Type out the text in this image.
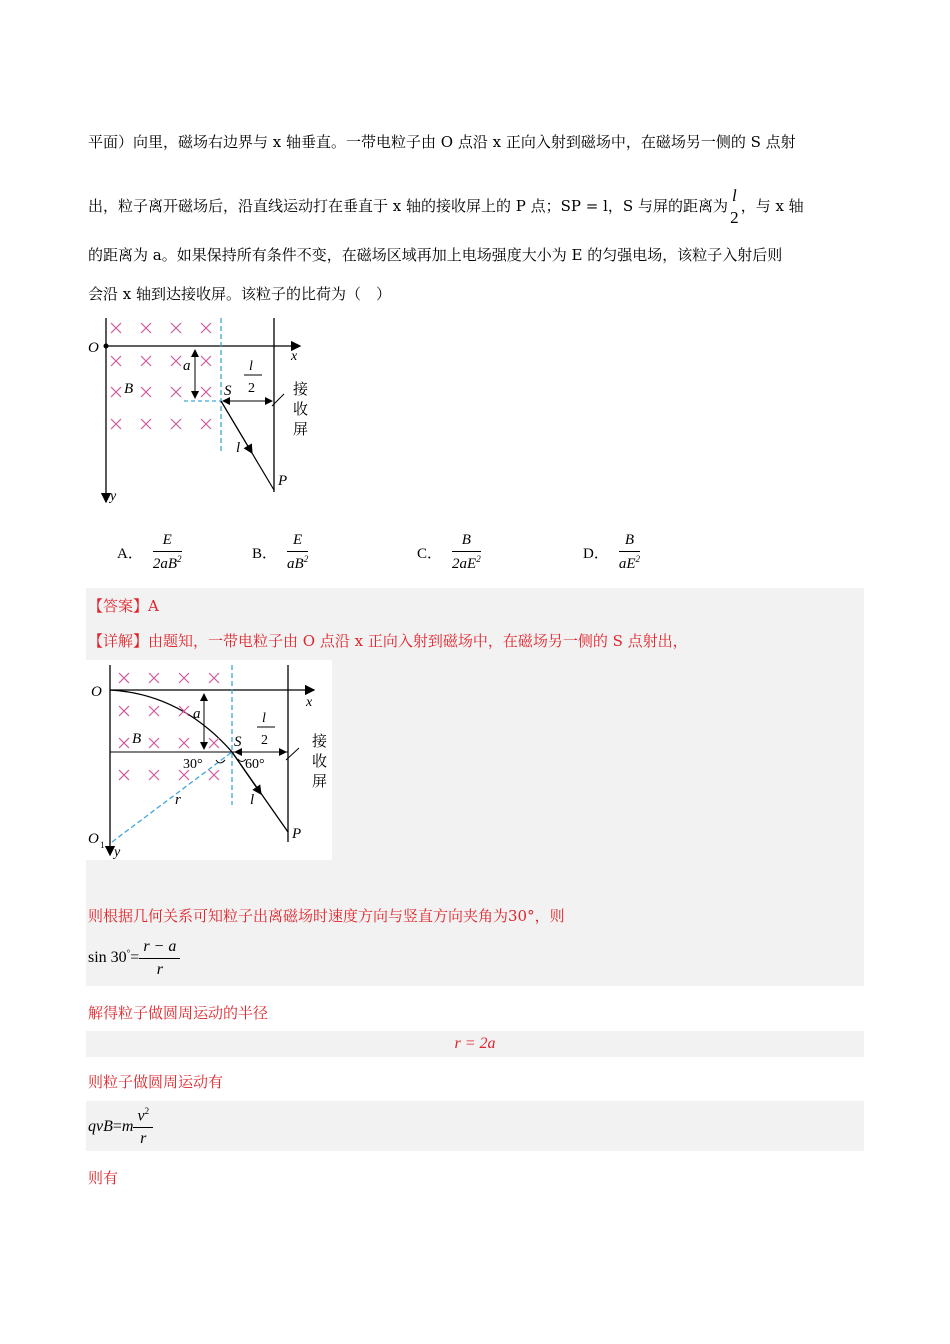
平面）向里，磁场右边界与 x 轴垂直。一带电粒子由 O 点沿 x 正向入射到磁场中，在磁场另一侧的 S 点射
出，粒子离开磁场后，沿直线运动打在垂直于 x 轴的接收屏上的 P 点；SP = l，S 与屏的距离为
l
2
，与 x 轴
的距离为 a。如果保持所有条件不变，在磁场区域再加上电场强度大小为 E 的匀强电场，该粒子入射后则
会沿 x 轴到达接收屏。该粒子的比荷为（　）
O
x
y
B
a
S
l
2
l
P
接收屏
A． $\frac{E}{2aB^2}$	B． $\frac{E}{aB^2}$	C． $\frac{B}{2aE^2}$	D． $\frac{B}{aE^2}$
【答案】A
【详解】由题知，一带电粒子由 O 点沿 x 正向入射到磁场中，在磁场另一侧的 S 点射出，
O
x
y
O 1
B
a
S
l
2
30°	60°
r	l
P
接收屏
则根据几何关系可知粒子出离磁场时速度方向与竖直方向夹角为30°，则
$\sin 30^\circ= \frac{r - a}{r}$
解得粒子做圆周运动的半径
r = 2a
则粒子做圆周运动有
$qvB=m \frac{v^2}{r}$
则有
